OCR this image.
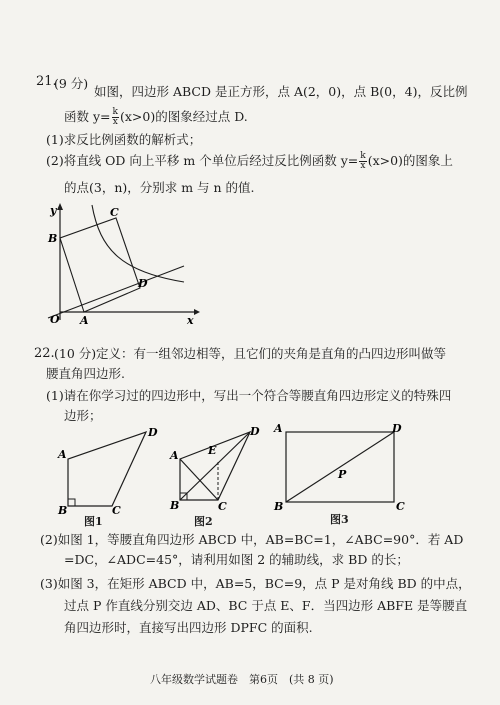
21.
(9 分)
如图，四边形 ABCD 是正方形，点 A(2，0)，点 B(0，4)，反比例
函数 $y= \frac{k}{x} (x>0)$的图象经过点 D.
(1)求反比例函数的解析式；
(2)将直线 OD 向上平移 m 个单位后经过反比例函数 $y= \frac{k}{x} (x>0)$的图象上
的点(3，n)，分别求 m 与 n 的值.
y
x
O A
B
C
D
22. (10 分) 定义：有一组邻边相等，且它们的夹角是直角的凸四边形叫做等
腰直角四边形.
(1)请在你学习过的四边形中，写出一个符合等腰直角四边形定义的特殊四
边形；
A
B	C
D
图1
A
B	C
D
E
图2
A
B	C
D
P
图3
(2)如图 1，等腰直角四边形 ABCD 中，AB=BC=1，∠ABC=90°．若 AD
=DC，∠ADC=45°，请利用如图 2 的辅助线，求 BD 的长；
(3)如图 3，在矩形 ABCD 中，AB=5，BC=9，点 P 是对角线 BD 的中点，
过点 P 作直线分别交边 AD、BC 于点 E、F．当四边形 ABFE 是等腰直
角四边形时，直接写出四边形 DPFC 的面积.
八年级数学试题卷　第6页　(共 8 页)
